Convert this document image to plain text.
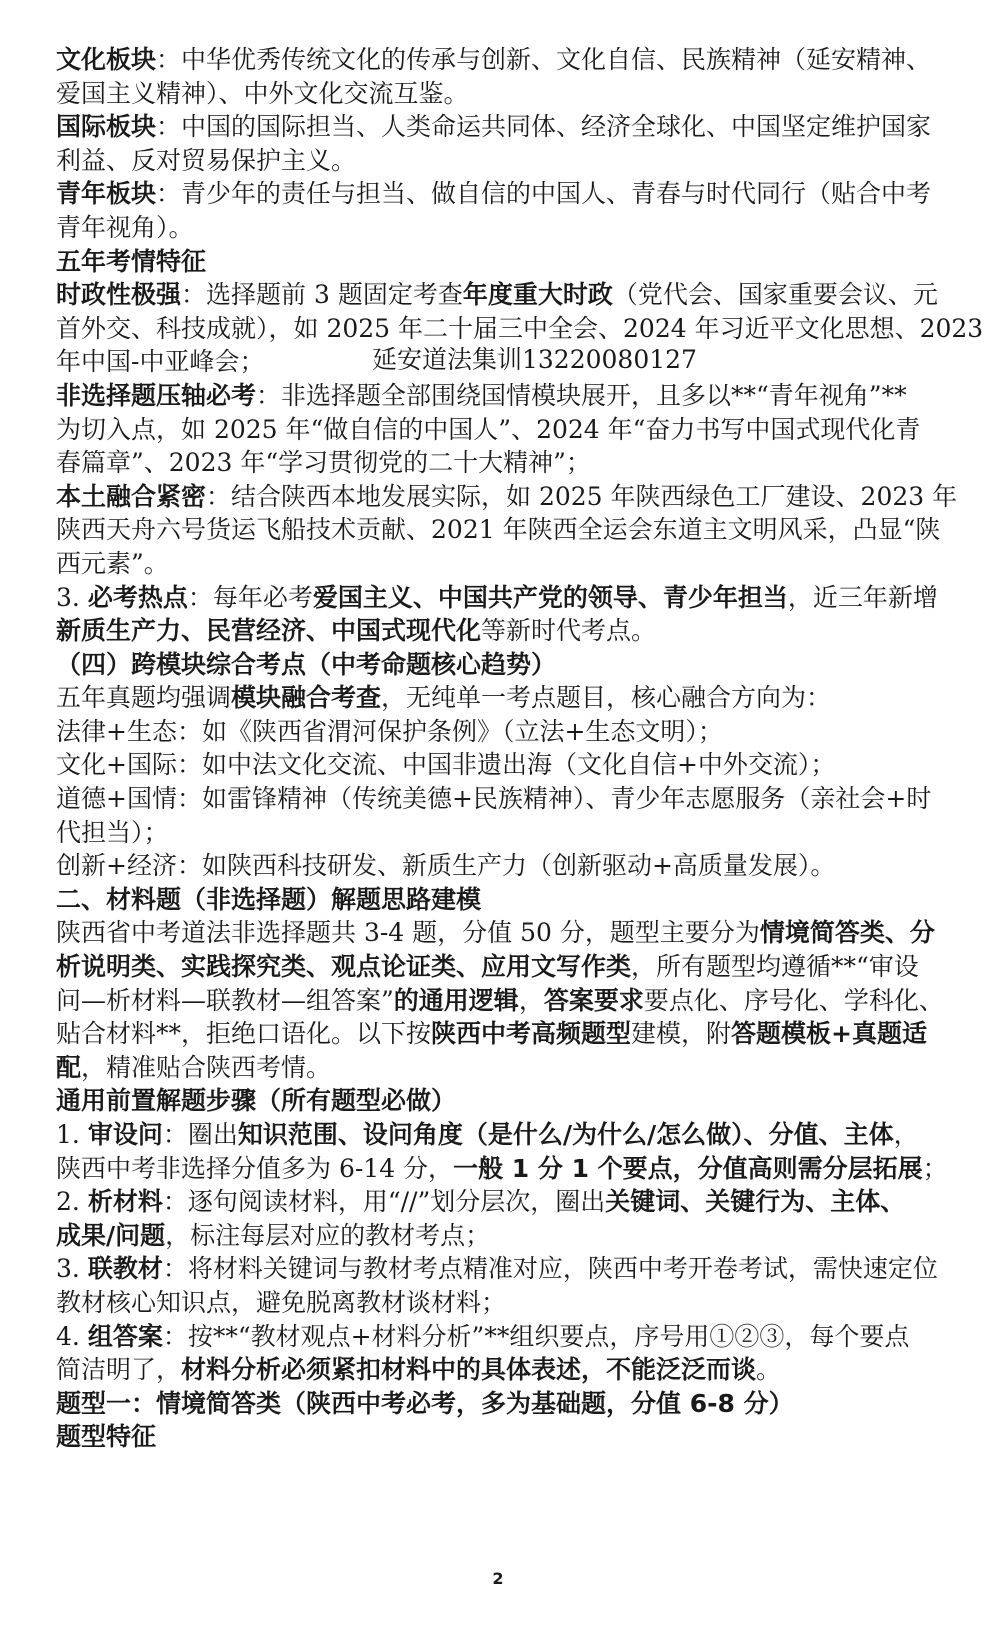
文化板块：中华优秀传统文化的传承与创新、文化自信、民族精神（延安精神、
爱国主义精神）、中外文化交流互鉴。
国际板块：中国的国际担当、人类命运共同体、经济全球化、中国坚定维护国家
利益、反对贸易保护主义。
青年板块：青少年的责任与担当、做自信的中国人、青春与时代同行（贴合中考
青年视角）。
五年考情特征
时政性极强：选择题前 3 题固定考查年度重大时政（党代会、国家重要会议、元
首外交、科技成就），如 2025 年二十届三中全会、2024 年习近平文化思想、2023
年中国-中亚峰会；
非选择题压轴必考：非选择题全部围绕国情模块展开，且多以**“青年视角”**
为切入点，如 2025 年“做自信的中国人”、2024 年“奋力书写中国式现代化青
春篇章”、2023 年“学习贯彻党的二十大精神”；
本土融合紧密：结合陕西本地发展实际，如 2025 年陕西绿色工厂建设、2023 年
陕西天舟六号货运飞船技术贡献、2021 年陕西全运会东道主文明风采，凸显“陕
西元素”。
3. 必考热点：每年必考爱国主义、中国共产党的领导、青少年担当，近三年新增
新质生产力、民营经济、中国式现代化等新时代考点。
（四）跨模块综合考点（中考命题核心趋势）
五年真题均强调模块融合考查，无纯单一考点题目，核心融合方向为：
法律+生态：如《陕西省渭河保护条例》（立法+生态文明）；
文化+国际：如中法文化交流、中国非遗出海（文化自信+中外交流）；
道德+国情：如雷锋精神（传统美德+民族精神）、青少年志愿服务（亲社会+时
代担当）；
创新+经济：如陕西科技研发、新质生产力（创新驱动+高质量发展）。
二、材料题（非选择题）解题思路建模
陕西省中考道法非选择题共 3-4 题，分值 50 分，题型主要分为情境简答类、分
析说明类、实践探究类、观点论证类、应用文写作类，所有题型均遵循**“审设
问—析材料—联教材—组答案”的通用逻辑，答案要求要点化、序号化、学科化、
贴合材料**，拒绝口语化。以下按陕西中考高频题型建模，附答题模板+真题适
配，精准贴合陕西考情。
通用前置解题步骤（所有题型必做）
1. 审设问：圈出知识范围、设问角度（是什么/为什么/怎么做）、分值、主体，
陕西中考非选择分值多为 6-14 分，一般 1 分 1 个要点，分值高则需分层拓展；
2. 析材料：逐句阅读材料，用“//”划分层次，圈出关键词、关键行为、主体、
成果/问题，标注每层对应的教材考点；
3. 联教材：将材料关键词与教材考点精准对应，陕西中考开卷考试，需快速定位
教材核心知识点，避免脱离教材谈材料；
4. 组答案：按**“教材观点+材料分析”**组织要点，序号用①②③，每个要点
简洁明了，材料分析必须紧扣材料中的具体表述，不能泛泛而谈。
题型一：情境简答类（陕西中考必考，多为基础题，分值 6-8 分）
题型特征
延安道法集训13220080127
2
